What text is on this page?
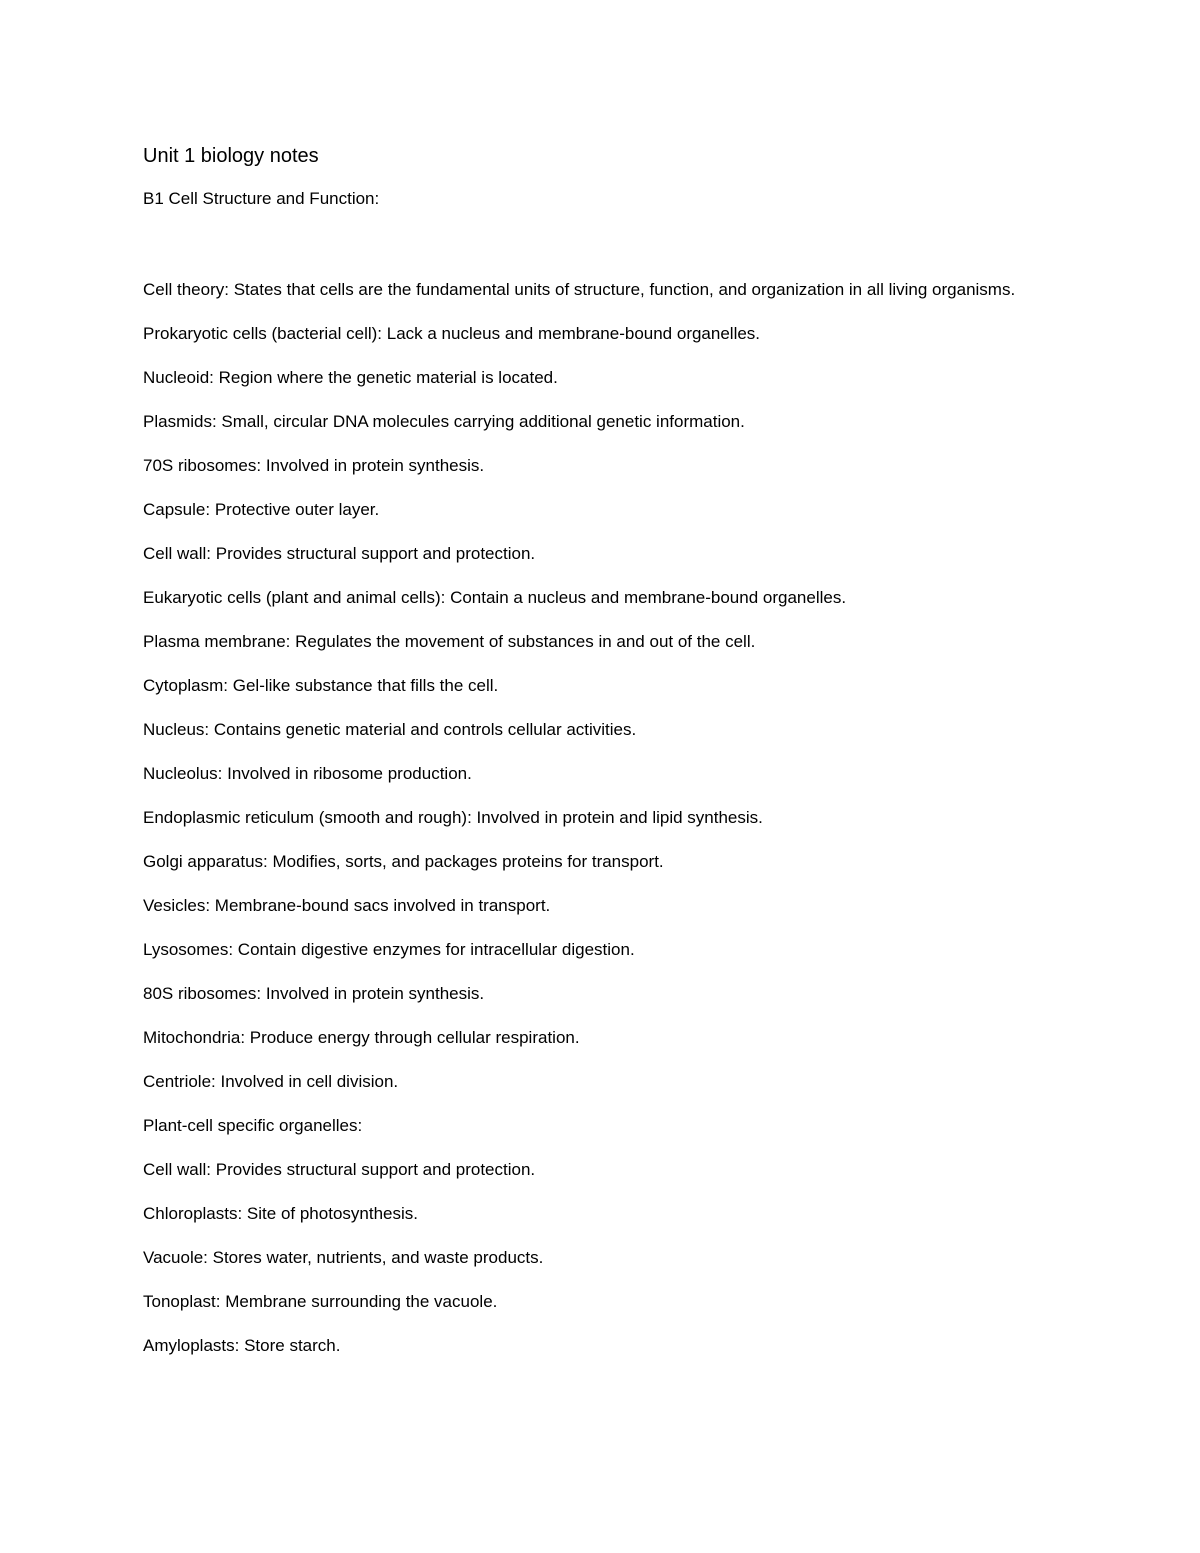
Unit 1 biology notes

B1 Cell Structure and Function:

Cell theory: States that cells are the fundamental units of structure, function, and organization in all living organisms.
Prokaryotic cells (bacterial cell): Lack a nucleus and membrane-bound organelles.
Nucleoid: Region where the genetic material is located.
Plasmids: Small, circular DNA molecules carrying additional genetic information.
70S ribosomes: Involved in protein synthesis.
Capsule: Protective outer layer.
Cell wall: Provides structural support and protection.
Eukaryotic cells (plant and animal cells): Contain a nucleus and membrane-bound organelles.
Plasma membrane: Regulates the movement of substances in and out of the cell.
Cytoplasm: Gel-like substance that fills the cell.
Nucleus: Contains genetic material and controls cellular activities.
Nucleolus: Involved in ribosome production.
Endoplasmic reticulum (smooth and rough): Involved in protein and lipid synthesis.
Golgi apparatus: Modifies, sorts, and packages proteins for transport.
Vesicles: Membrane-bound sacs involved in transport.
Lysosomes: Contain digestive enzymes for intracellular digestion.
80S ribosomes: Involved in protein synthesis.
Mitochondria: Produce energy through cellular respiration.
Centriole: Involved in cell division.
Plant-cell specific organelles:
Cell wall: Provides structural support and protection.
Chloroplasts: Site of photosynthesis.
Vacuole: Stores water, nutrients, and waste products.
Tonoplast: Membrane surrounding the vacuole.
Amyloplasts: Store starch.
